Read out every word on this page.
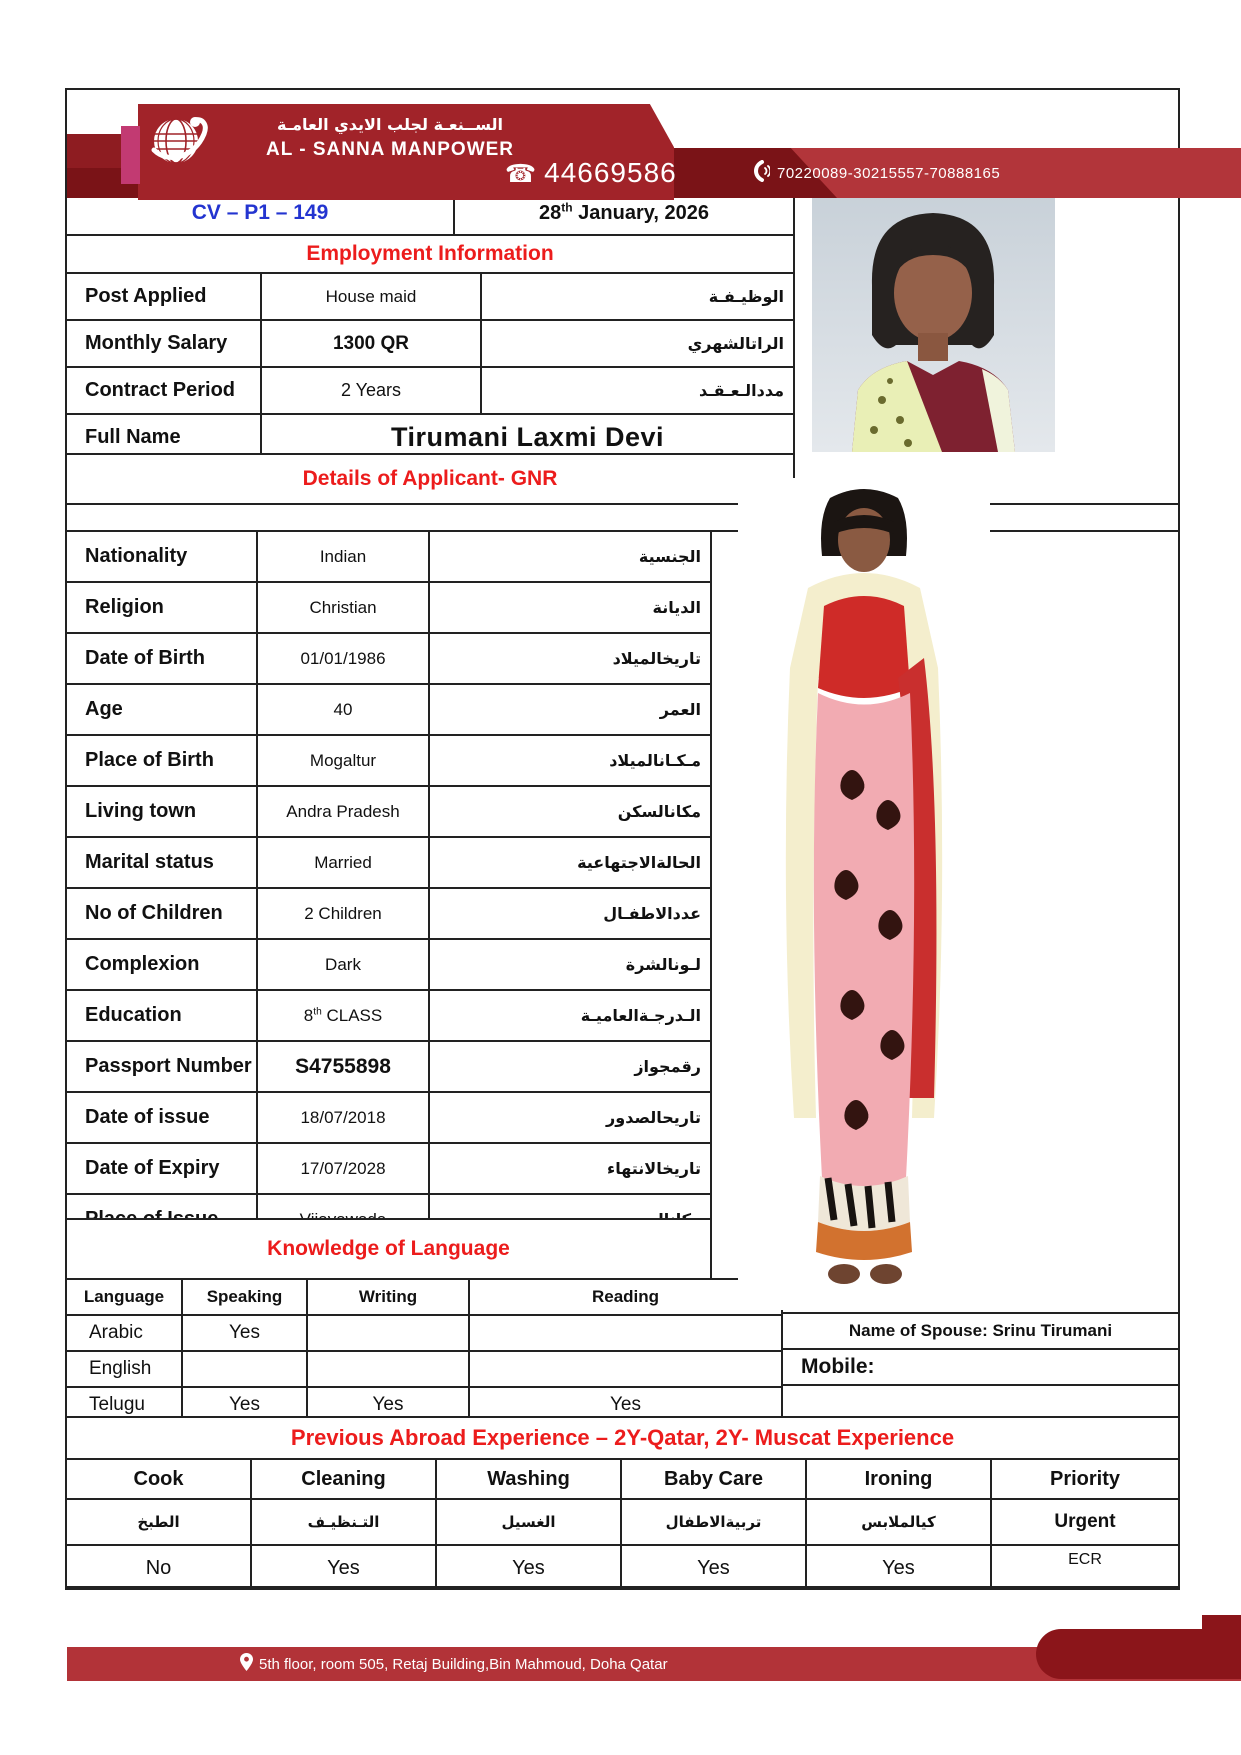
الســنعـة لجلب الايدي العامـة
AL - SANNA MANPOWER
☎ 44669586	70220089-30215557-70888165
CV – P1 – 149	28th January, 2026
Employment Information
Post Applied	House maid	الوظيـفـة
Monthly Salary	1300 QR	الراتالشهري
Contract Period	2 Years	مددالـعـقـد
Full Name	Tirumani Laxmi Devi
Details of Applicant- GNR
Nationality	Indian	الجنسية
Religion	Christian	الديانة
Date of Birth	01/01/1986	تاريخالميلاد
Age	40	العمر
Place of Birth	Mogaltur	مـكـانالميلاد
Living town	Andra Pradesh	مكانالسكن
Marital status	Married	الحالةالاجتهاعية
No of Children	2 Children	عددالاطفـال
Complexion	Dark	لـونالشرة
Education	8th CLASS	الـدرجـةالعاميـة
Passport Number	S4755898	رقمجواز
Date of issue	18/07/2018	تاريحالصدور
Date of Expiry	17/07/2028	تاريخالانتهاء
Knowledge of Language
Language	Speaking	Writing	Reading
Arabic	Yes
English
Telugu	Yes	Yes	Yes
Name of Spouse: Srinu Tirumani
Mobile:
Previous Abroad Experience – 2Y-Qatar, 2Y- Muscat Experience
Cook	Cleaning	Washing	Baby Care	Ironing	Priority
الطبخ	التـنظيـف	الغسيل	تربيةالاطفال	كيالملابس	Urgent
No	Yes	Yes	Yes	Yes	ECR
5th floor, room 505, Retaj Building,Bin Mahmoud, Doha Qatar
